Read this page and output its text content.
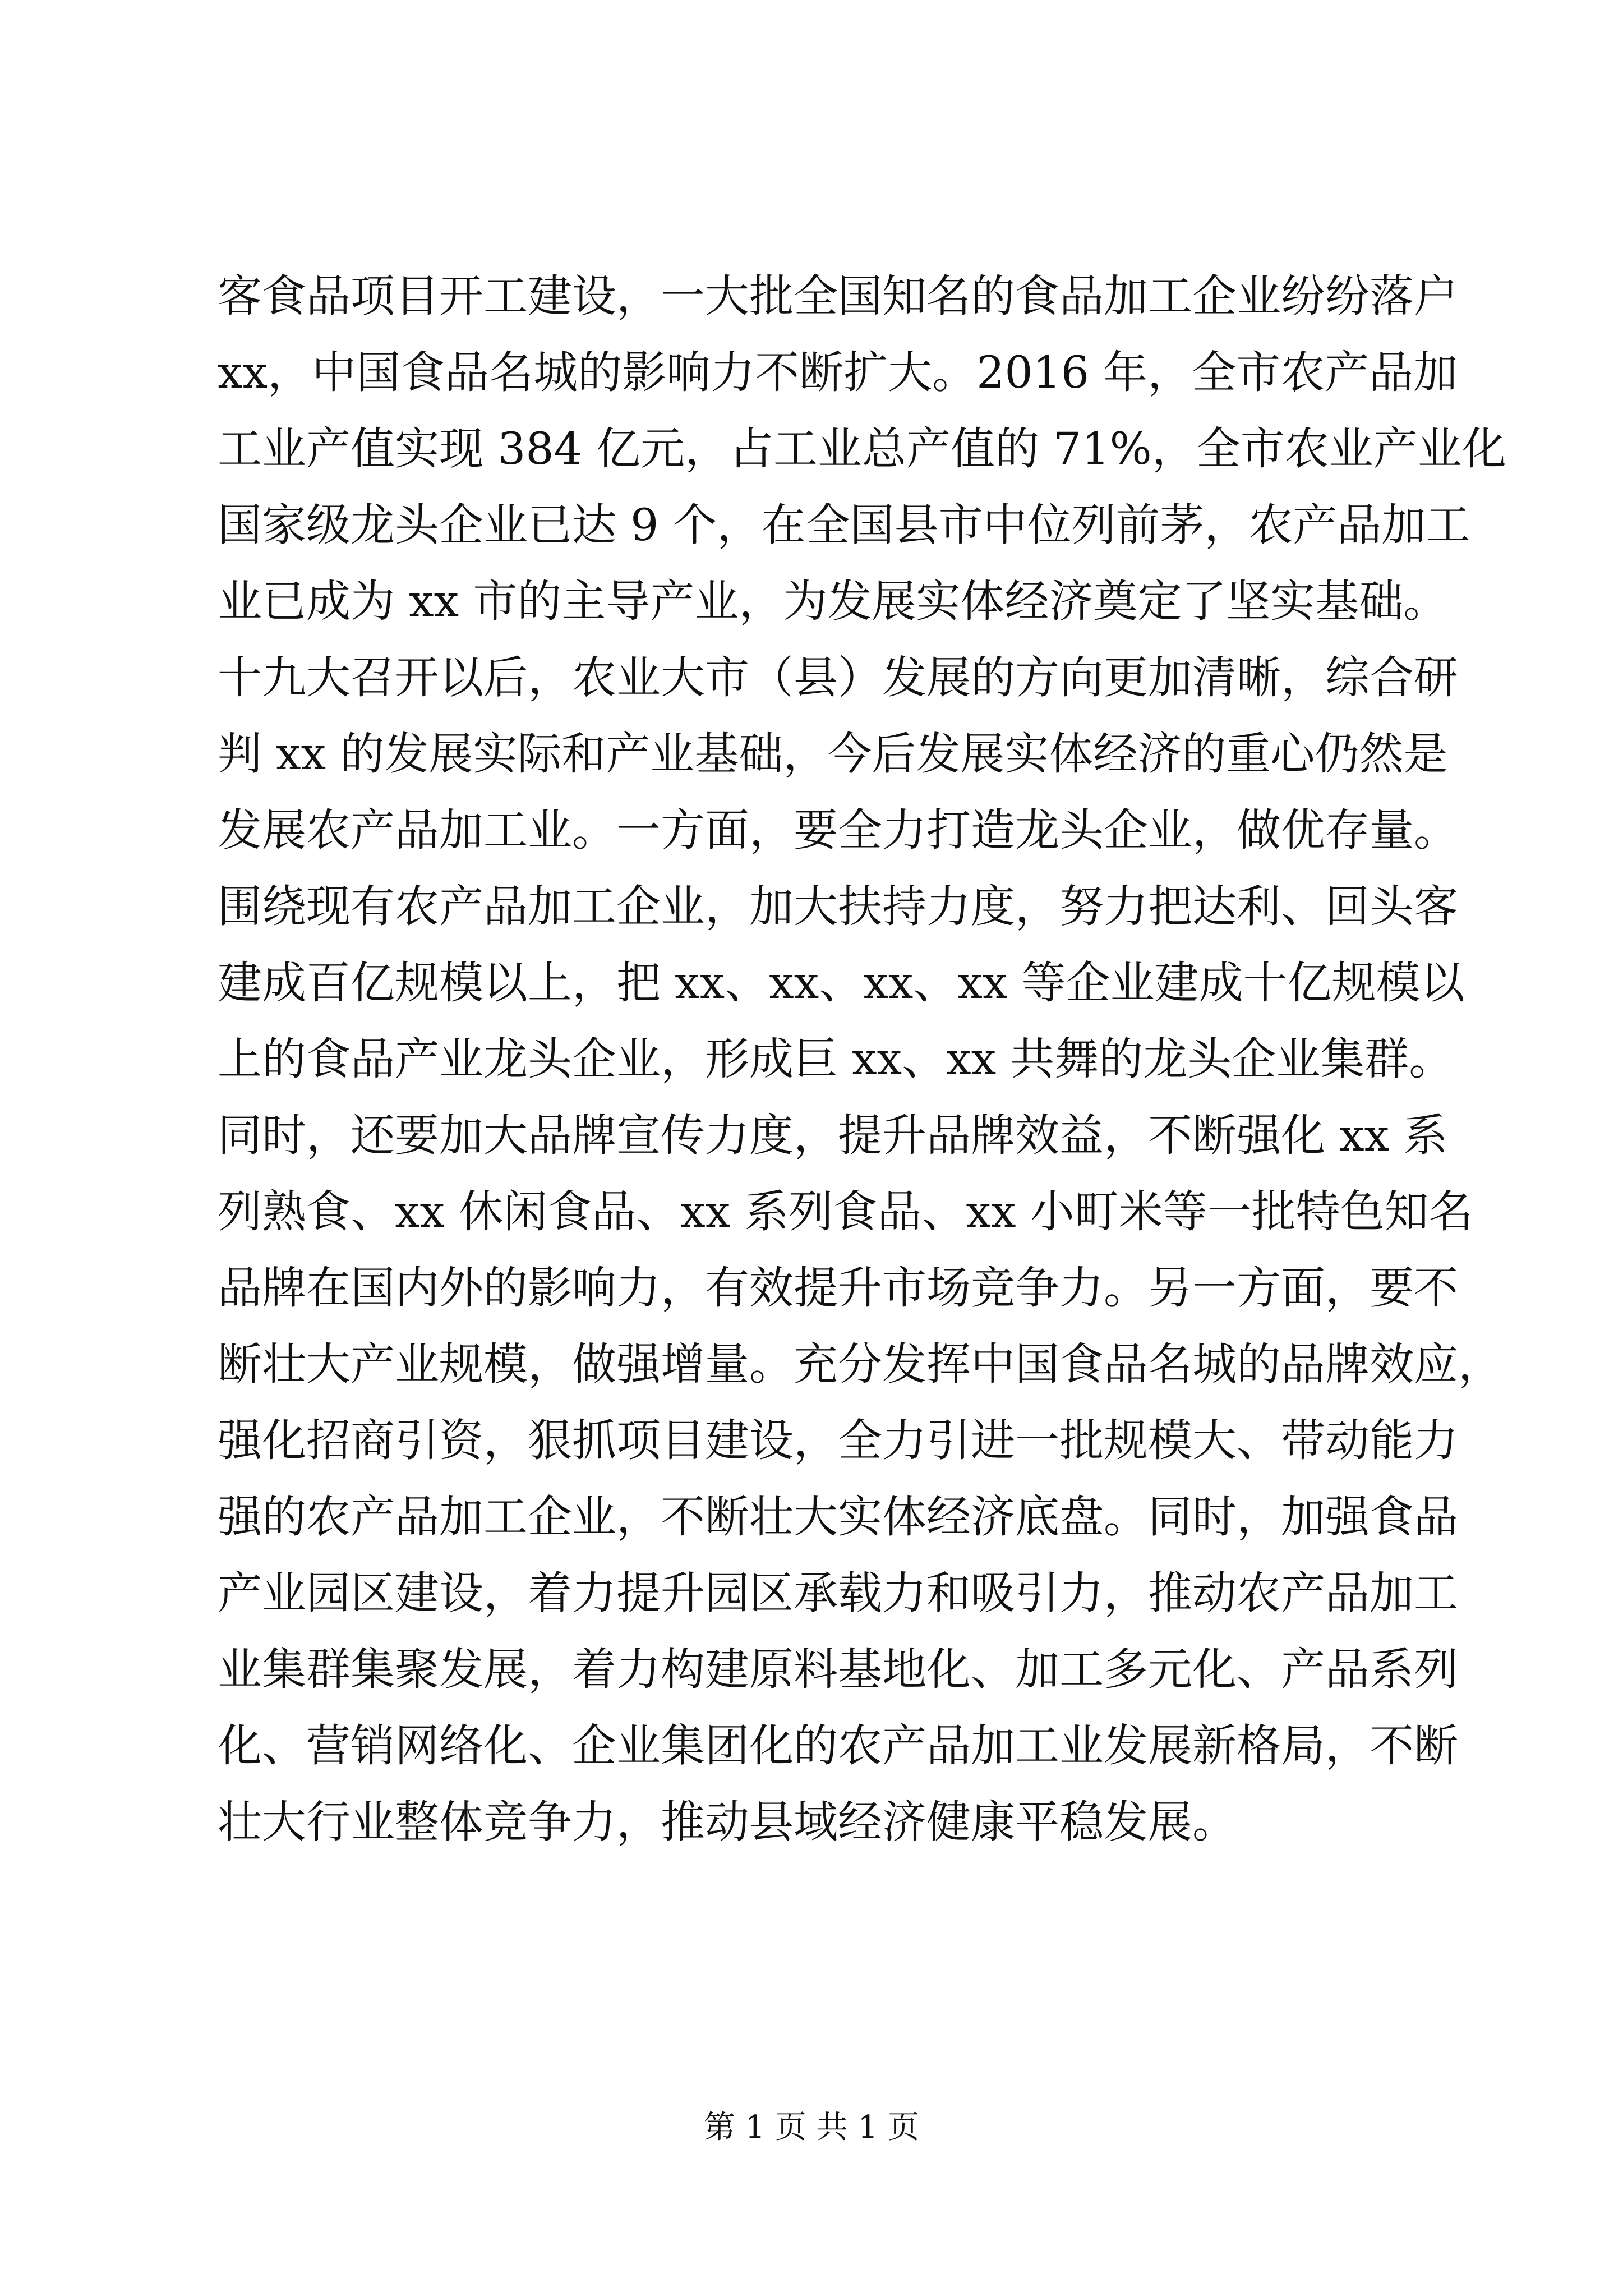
客食品项目开工建设，一大批全国知名的食品加工企业纷纷落户
xx，中国食品名城的影响力不断扩大。2016 年，全市农产品加
工业产值实现 384 亿元，占工业总产值的 71%，全市农业产业化
国家级龙头企业已达 9 个，在全国县市中位列前茅，农产品加工
业已成为 xx 市的主导产业，为发展实体经济奠定了坚实基础。
十九大召开以后，农业大市（县）发展的方向更加清晰，综合研
判 xx 的发展实际和产业基础，今后发展实体经济的重心仍然是
发展农产品加工业。一方面，要全力打造龙头企业，做优存量。
围绕现有农产品加工企业，加大扶持力度，努力把达利、回头客
建成百亿规模以上，把 xx、xx、xx、xx 等企业建成十亿规模以
上的食品产业龙头企业，形成巨 xx、xx 共舞的龙头企业集群。
同时，还要加大品牌宣传力度，提升品牌效益，不断强化 xx 系
列熟食、xx 休闲食品、xx 系列食品、xx 小町米等一批特色知名
品牌在国内外的影响力，有效提升市场竞争力。另一方面，要不
断壮大产业规模，做强增量。充分发挥中国食品名城的品牌效应，
强化招商引资，狠抓项目建设，全力引进一批规模大、带动能力
强的农产品加工企业，不断壮大实体经济底盘。同时，加强食品
产业园区建设，着力提升园区承载力和吸引力，推动农产品加工
业集群集聚发展，着力构建原料基地化、加工多元化、产品系列
化、营销网络化、企业集团化的农产品加工业发展新格局，不断
壮大行业整体竞争力，推动县域经济健康平稳发展。
第 1 页 共 1 页
